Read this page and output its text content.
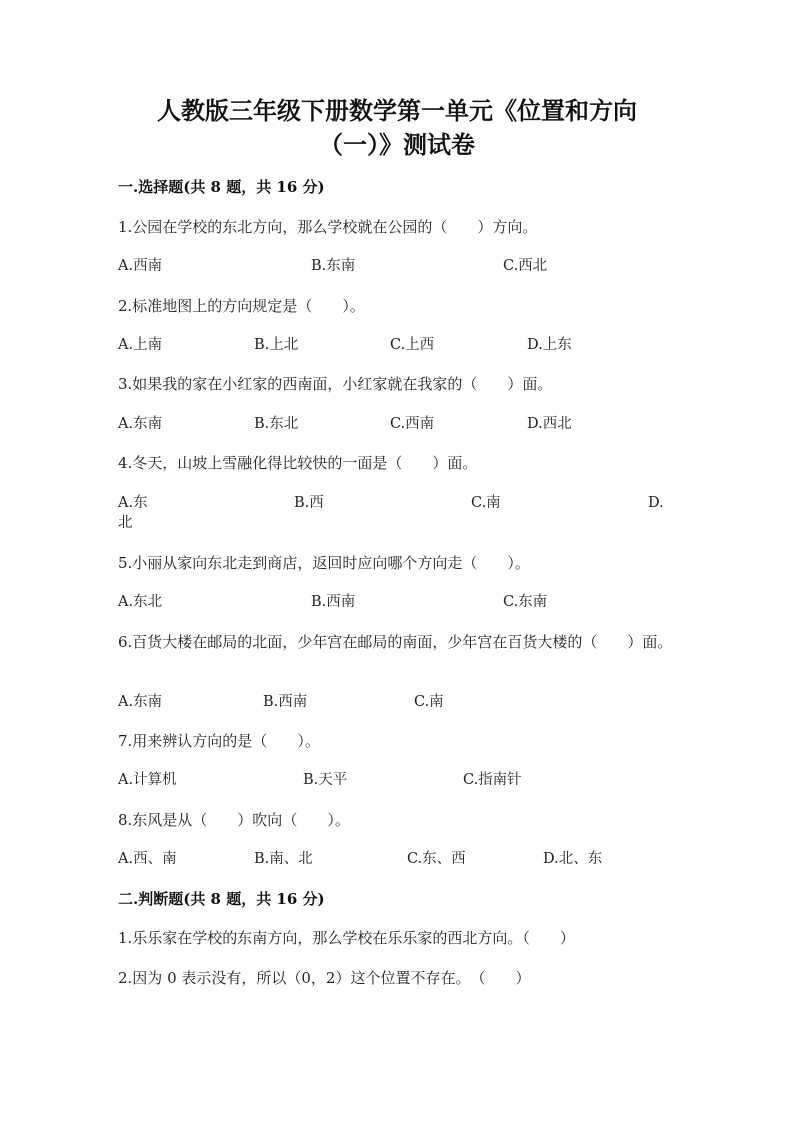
人教版三年级下册数学第一单元《位置和方向
（一）》测试卷
一.选择题(共 8 题，共 16 分)
1.公园在学校的东北方向，那么学校就在公园的（　　）方向。
A.西南	B.东南	C.西北
2.标准地图上的方向规定是（　　）。
A.上南	B.上北	C.上西	D.上东
3.如果我的家在小红家的西南面，小红家就在我家的（　　）面。
A.东南	B.东北	C.西南	D.西北
4.冬天，山坡上雪融化得比较快的一面是（　　）面。
A.东	B.西	C.南	D.
北
5.小丽从家向东北走到商店，返回时应向哪个方向走（　　）。
A.东北	B.西南	C.东南
6.百货大楼在邮局的北面，少年宫在邮局的南面，少年宫在百货大楼的（　　）面。
A.东南	B.西南	C.南
7.用来辨认方向的是（　　）。
A.计算机	B.天平	C.指南针
8.东风是从（　　）吹向（　　）。
A.西、南	B.南、北	C.东、西	D.北、东
二.判断题(共 8 题，共 16 分)
1.乐乐家在学校的东南方向，那么学校在乐乐家的西北方向。（　　）
2.因为 0 表示没有，所以（0，2）这个位置不存在。　（　　）
